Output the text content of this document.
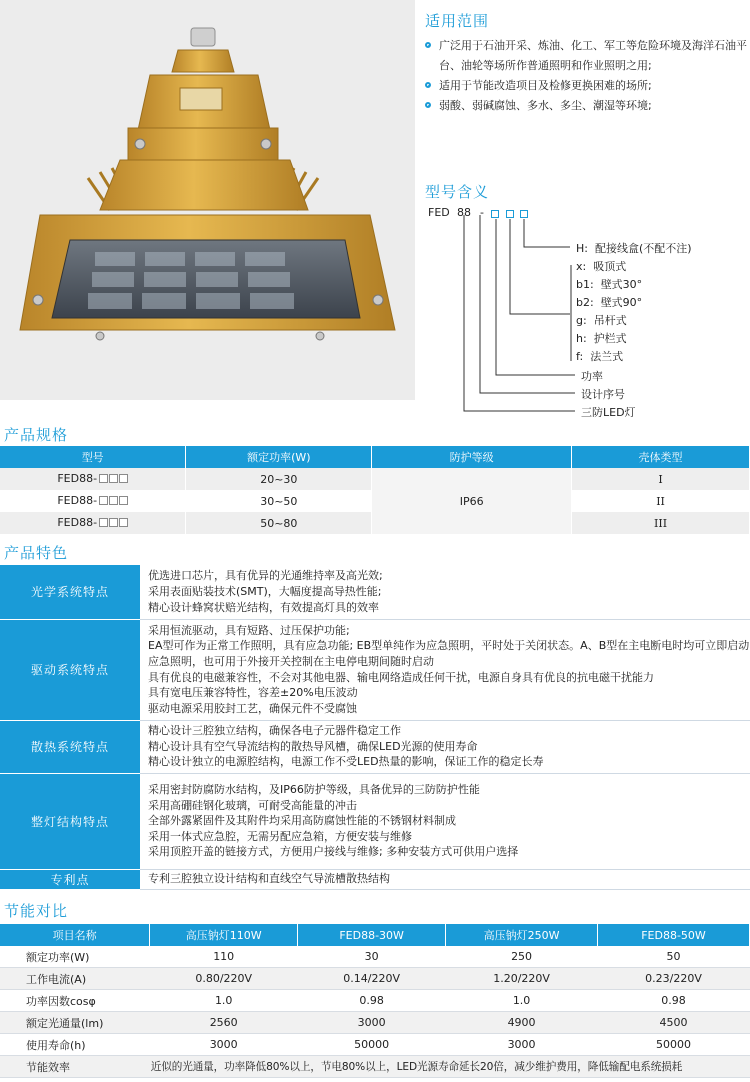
适用范围
广泛用于石油开采、炼油、化工、军工等危险环境及海洋石油平台、油轮等场所作普通照明和作业照明之用;
适用于节能改造项目及检修更换困难的场所;
弱酸、弱碱腐蚀、多水、多尘、潮湿等环境;
型号含义
FED 88 -
H: 配接线盒(不配不注)
x: 吸顶式
b1: 壁式30°
b2: 壁式90°
g: 吊杆式
h: 护栏式
f: 法兰式
功率
设计序号
三防LED灯
产品规格
型号	额定功率(W)	防护等级	壳体类型
FED88-	20~30	IP66	I
FED88-	30~50		II
FED88-	50~80		III
产品特色
光学系统特点	优选进口芯片，具有优异的光通维持率及高光效;
采用表面贴装技术(SMT)，大幅度提高导热性能;
精心设计蜂窝状赔光结构，有效提高灯具的效率

驱动系统特点	采用恒流驱动，具有短路、过压保护功能;
EA型可作为正常工作照明，具有应急功能; EB型单纯作为应急照明，平时处于关闭状态。A、B型在主电断电时均可立即启动应急照明，也可用于外接开关控制在主电停电期间随时启动
具有优良的电磁兼容性，不会对其他电器、输电网络造成任何干扰，电源自身具有优良的抗电磁干扰能力
具有宽电压兼容特性，容差±20%电压波动
驱动电源采用胶封工艺，确保元件不受腐蚀

散热系统特点	精心设计三腔独立结构，确保各电子元器件稳定工作
精心设计具有空气导流结构的散热导风槽，确保LED光源的使用寿命
精心设计独立的电源腔结构，电源工作不受LED热量的影响，保证工作的稳定长寿

整灯结构特点	采用密封防腐防水结构，及IP66防护等级，具备优异的三防防护性能
采用高硼硅钢化玻璃，可耐受高能量的冲击
全部外露紧固件及其附件均采用高防腐蚀性能的不锈钢材料制成
采用一体式应急腔，无需另配应急箱，方便安装与维修
采用顶腔开盖的链接方式，方便用户接线与维修; 多种安装方式可供用户选择

专利点	专利三腔独立设计结构和直线空气导流槽散热结构
节能对比
项目名称	高压钠灯110W	FED88-30W	高压钠灯250W	FED88-50W
额定功率(W)	110	30	250	50
工作电流(A)	0.80/220V	0.14/220V	1.20/220V	0.23/220V
功率因数cosφ	1.0	0.98	1.0	0.98
额定光通量(lm)	2560	3000	4900	4500
使用寿命(h)	3000	50000	3000	50000
节能效率	近似的光通量，功率降低80%以上，节电80%以上，LED光源寿命延长20倍，减少维护费用，降低输配电系统损耗			
